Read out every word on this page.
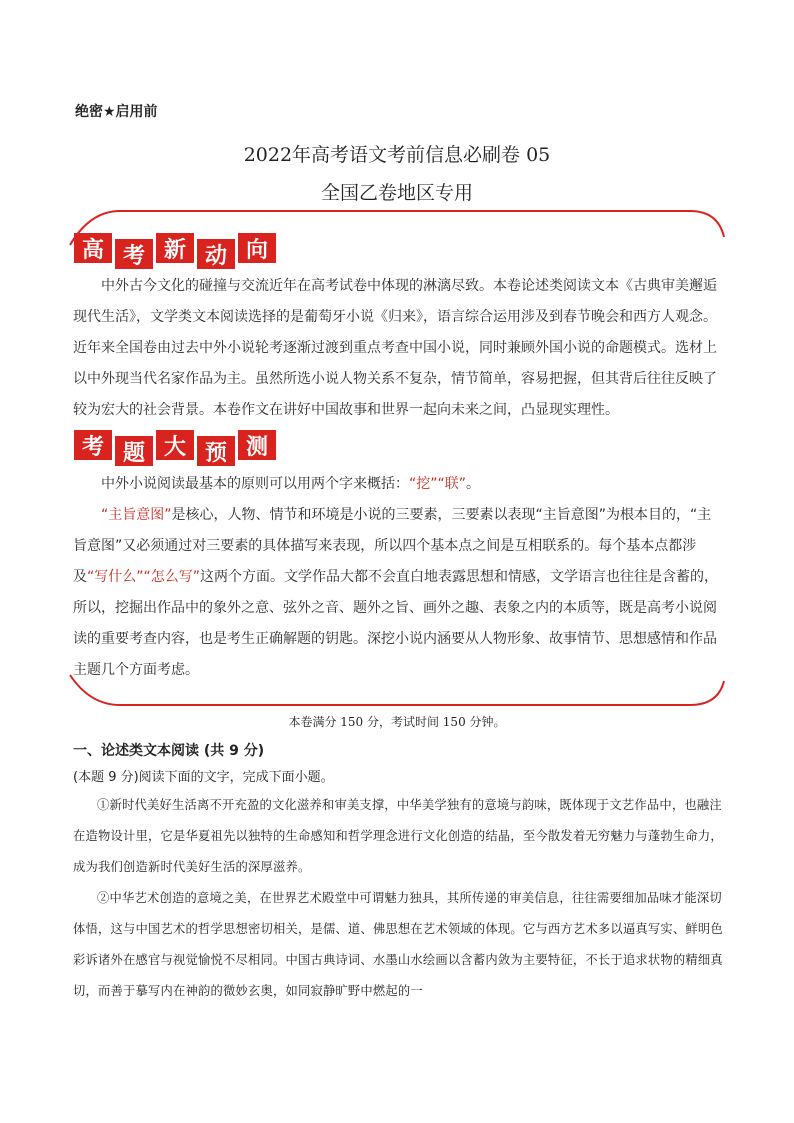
绝密★启用前
2022年高考语文考前信息必刷卷 05
全国乙卷地区专用
高 考 新 动 向

中外古今文化的碰撞与交流近年在高考试卷中体现的淋漓尽致。本卷论述类阅读文本《古典审美邂逅现代生活》，文学类文本阅读选择的是葡萄牙小说《归来》，语言综合运用涉及到春节晚会和西方人观念。近年来全国卷由过去中外小说轮考逐渐过渡到重点考查中国小说，同时兼顾外国小说的命题模式。选材上以中外现当代名家作品为主。虽然所选小说人物关系不复杂，情节简单，容易把握，但其背后往往反映了较为宏大的社会背景。本卷作文在讲好中国故事和世界一起向未来之间，凸显现实理性。

考 题 大 预 测

中外小说阅读最基本的原则可以用两个字来概括：“挖”“联”。

“主旨意图”是核心，人物、情节和环境是小说的三要素，三要素以表现“主旨意图”为根本目的，“主旨意图”又必须通过对三要素的具体描写来表现，所以四个基本点之间是互相联系的。每个基本点都涉及“写什么”“怎么写”这两个方面。文学作品大都不会直白地表露思想和情感，文学语言也往往是含蓄的，所以，挖掘出作品中的象外之意、弦外之音、题外之旨、画外之趣、表象之内的本质等，既是高考小说阅读的重要考查内容，也是考生正确解题的钥匙。深挖小说内涵要从人物形象、故事情节、思想感情和作品主题几个方面考虑。

本卷满分 150 分，考试时间 150 分钟。
一、论述类文本阅读 (共 9 分)
(本题 9 分)阅读下面的文字，完成下面小题。

①新时代美好生活离不开充盈的文化滋养和审美支撑，中华美学独有的意境与韵味，既体现于文艺作品中，也融注在造物设计里，它是华夏祖先以独特的生命感知和哲学理念进行文化创造的结晶，至今散发着无穷魅力与蓬勃生命力，成为我们创造新时代美好生活的深厚滋养。

②中华艺术创造的意境之美，在世界艺术殿堂中可谓魅力独具，其所传递的审美信息，往往需要细加品味才能深切体悟，这与中国艺术的哲学思想密切相关，是儒、道、佛思想在艺术领域的体现。它与西方艺术多以逼真写实、鲜明色彩诉诸外在感官与视觉愉悦不尽相同。中国古典诗词、水墨山水绘画以含蓄内敛为主要特征，不长于追求状物的精细真切，而善于摹写内在神韵的微妙玄奥，如同寂静旷野中燃起的一
